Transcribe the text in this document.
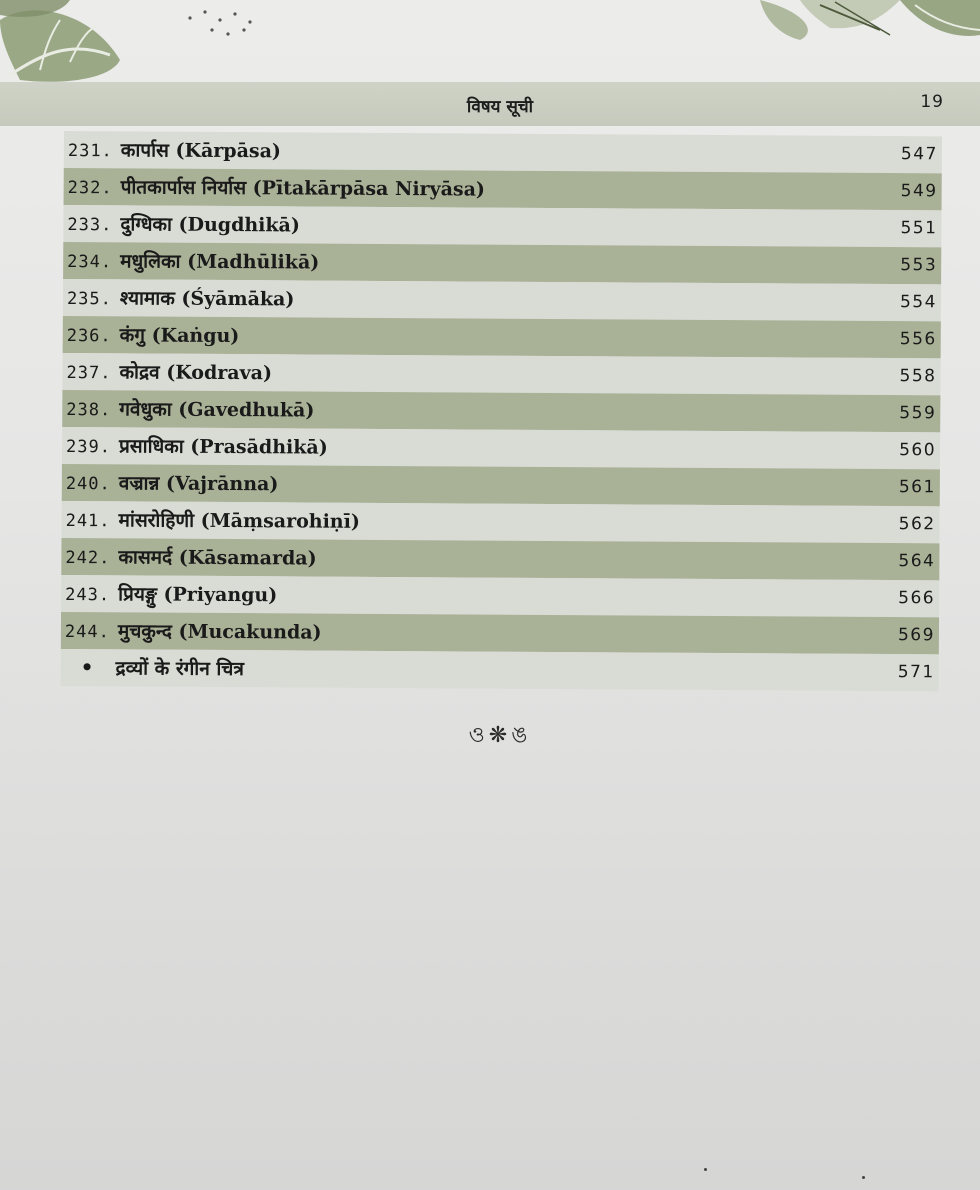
विषय सूची	19
231. कार्पास (Kārpāsa)	547
232. पीतकार्पास निर्यास (Pītakārpāsa Niryāsa)	549
233. दुग्धिका (Dugdhikā)	551
234. मधुलिका (Madhūlikā)	553
235. श्यामाक (Śyāmāka)	554
236. कंगु (Kaṅgu)	556
237. कोद्रव (Kodrava)	558
238. गवेधुका (Gavedhukā)	559
239. प्रसाधिका (Prasādhikā)	560
240. वज्रान्न (Vajrānna)	561
241. मांसरोहिणी (Māṃsarohiṇī)	562
242. कासमर्द (Kāsamarda)	564
243. प्रियङ्गु (Priyangu)	566
244. मुचकुन्द (Mucakunda)	569
• द्रव्यों के रंगीन चित्र	571
ও❋ঙ
